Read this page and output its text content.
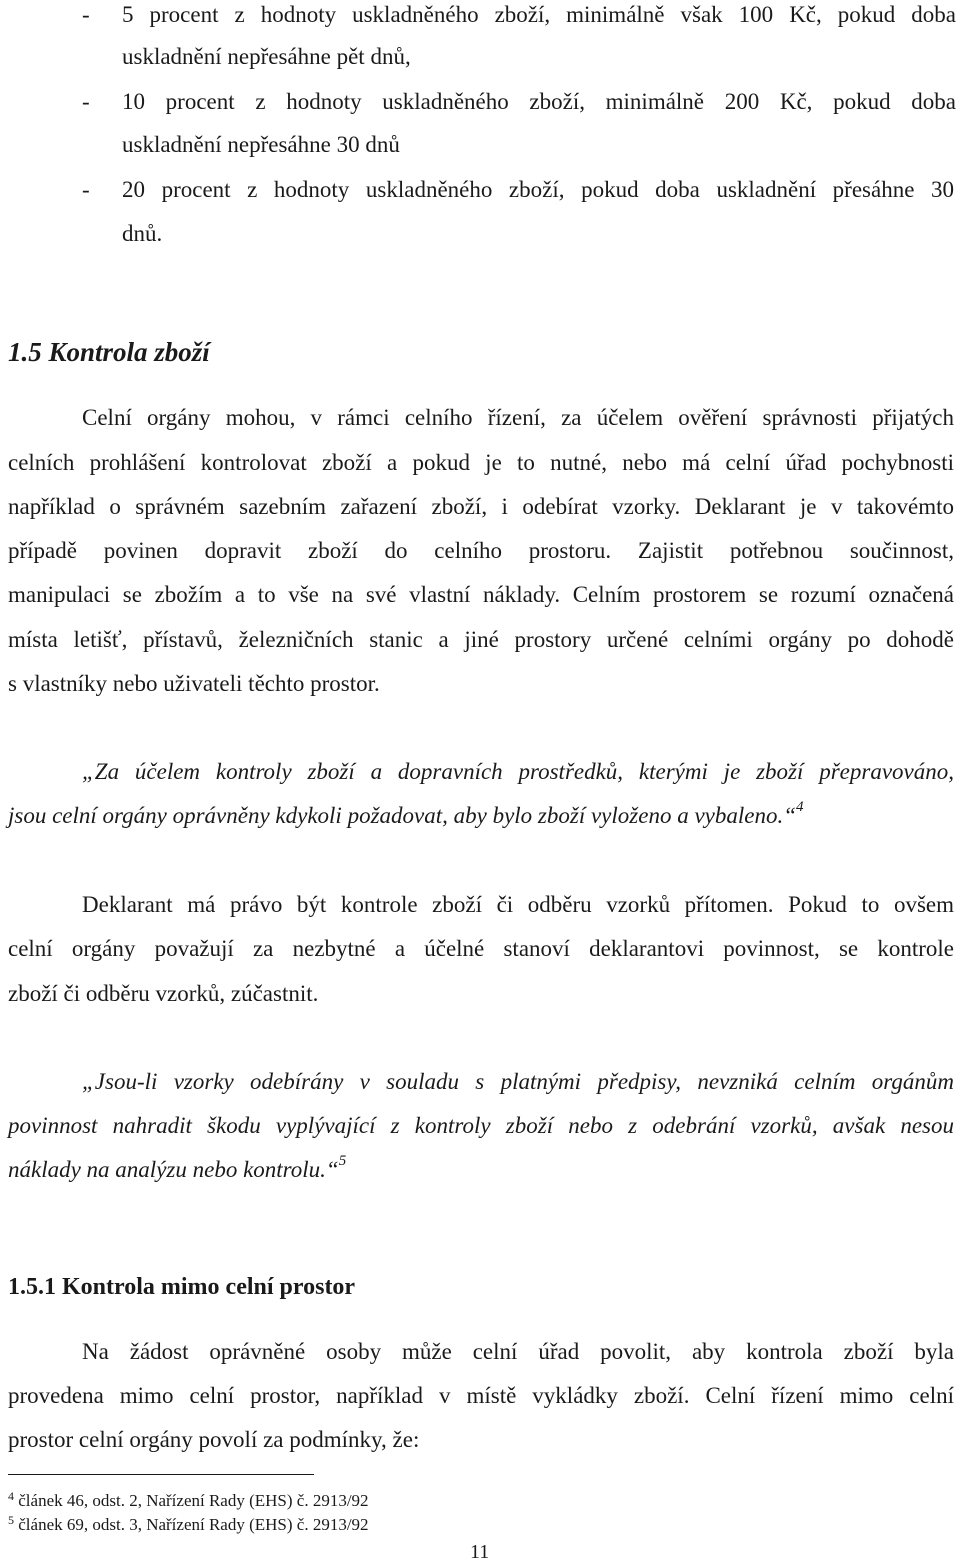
- 5 procent z hodnoty uskladněného zboží, minimálně však 100 Kč, pokud doba
uskladnění nepřesáhne pět dnů,
- 10 procent z hodnoty uskladněného zboží, minimálně 200 Kč, pokud doba
uskladnění nepřesáhne 30 dnů
- 20 procent z hodnoty uskladněného zboží, pokud doba uskladnění přesáhne 30
dnů.
1.5 Kontrola zboží
Celní orgány mohou, v rámci celního řízení, za účelem ověření správnosti přijatých
celních prohlášení kontrolovat zboží a pokud je to nutné, nebo má celní úřad pochybnosti
například o správném sazebním zařazení zboží, i odebírat vzorky. Deklarant je v takovémto
případě povinen dopravit zboží do celního prostoru. Zajistit potřebnou součinnost,
manipulaci se zbožím a to vše na své vlastní náklady. Celním prostorem se rozumí označená
místa letišť, přístavů, železničních stanic a jiné prostory určené celními orgány po dohodě
s vlastníky nebo uživateli těchto prostor.
„Za účelem kontroly zboží a dopravních prostředků, kterými je zboží přepravováno,
jsou celní orgány oprávněny kdykoli požadovat, aby bylo zboží vyloženo a vybaleno.“$^4$
Deklarant má právo být kontrole zboží či odběru vzorků přítomen. Pokud to ovšem
celní orgány považují za nezbytné a účelné stanoví deklarantovi povinnost, se kontrole
zboží či odběru vzorků, zúčastnit.
„Jsou-li vzorky odebírány v souladu s platnými předpisy, nevzniká celním orgánům
povinnost nahradit škodu vyplývající z kontroly zboží nebo z odebrání vzorků, avšak nesou
náklady na analýzu nebo kontrolu.“$^5$
1.5.1 Kontrola mimo celní prostor
Na žádost oprávněné osoby může celní úřad povolit, aby kontrola zboží byla
provedena mimo celní prostor, například v místě vykládky zboží. Celní řízení mimo celní
prostor celní orgány povolí za podmínky, že:
$^4$ článek 46, odst. 2, Nařízení Rady (EHS) č. 2913/92
$^5$ článek 69, odst. 3, Nařízení Rady (EHS) č. 2913/92
11
